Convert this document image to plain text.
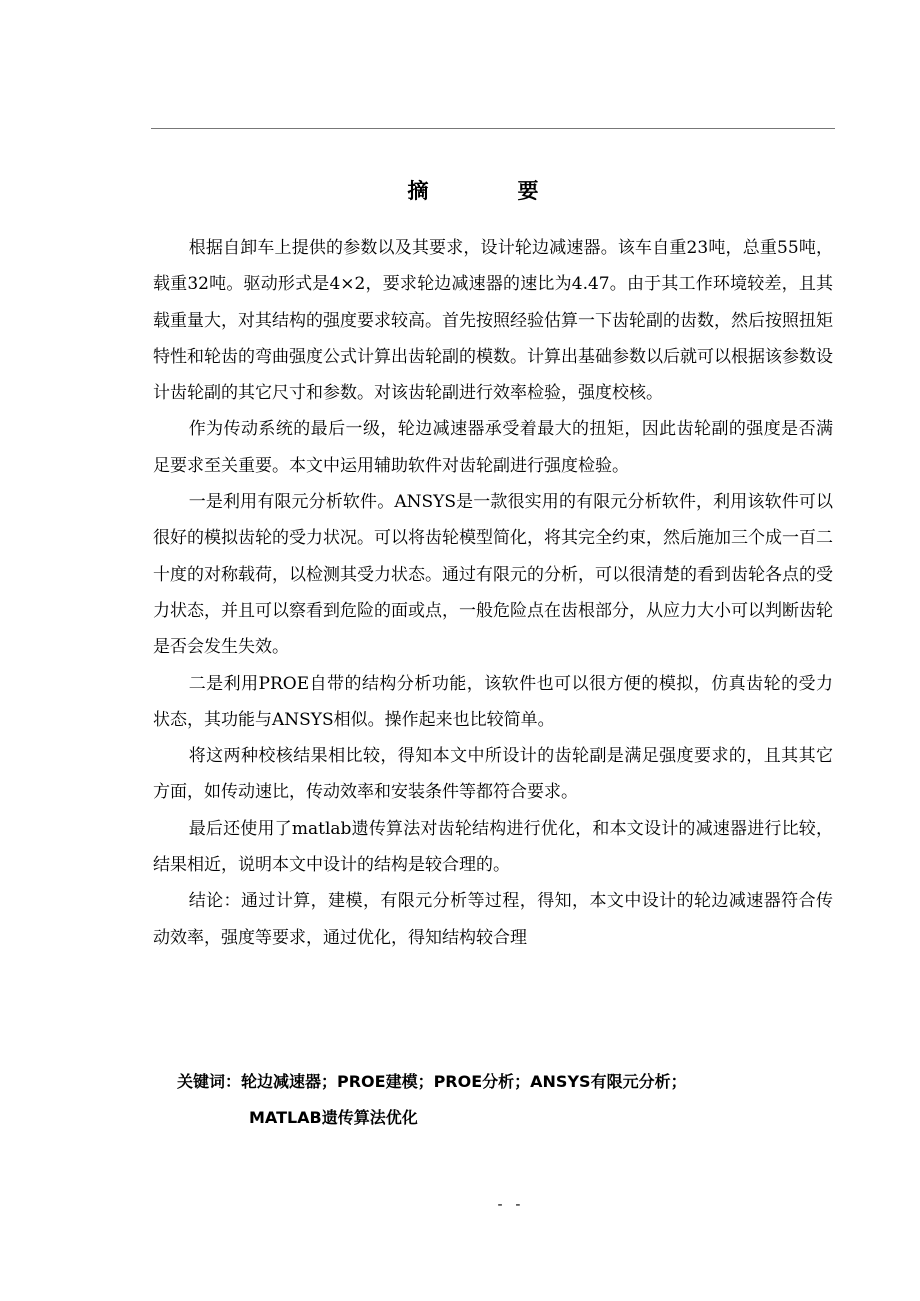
摘　要

根据自卸车上提供的参数以及其要求，设计轮边减速器。该车自重23吨，总重55吨，载重32吨。驱动形式是4×2，要求轮边减速器的速比为4.47。由于其工作环境较差，且其载重量大，对其结构的强度要求较高。首先按照经验估算一下齿轮副的齿数，然后按照扭矩特性和轮齿的弯曲强度公式计算出齿轮副的模数。计算出基础参数以后就可以根据该参数设计齿轮副的其它尺寸和参数。对该齿轮副进行效率检验，强度校核。

作为传动系统的最后一级，轮边减速器承受着最大的扭矩，因此齿轮副的强度是否满足要求至关重要。本文中运用辅助软件对齿轮副进行强度检验。

一是利用有限元分析软件。ANSYS是一款很实用的有限元分析软件，利用该软件可以很好的模拟齿轮的受力状况。可以将齿轮模型简化，将其完全约束，然后施加三个成一百二十度的对称载荷，以检测其受力状态。通过有限元的分析，可以很清楚的看到齿轮各点的受力状态，并且可以察看到危险的面或点，一般危险点在齿根部分，从应力大小可以判断齿轮是否会发生失效。

二是利用PROE自带的结构分析功能，该软件也可以很方便的模拟，仿真齿轮的受力状态，其功能与ANSYS相似。操作起来也比较简单。

将这两种校核结果相比较，得知本文中所设计的齿轮副是满足强度要求的，且其其它方面，如传动速比，传动效率和安装条件等都符合要求。

最后还使用了matlab遗传算法对齿轮结构进行优化，和本文设计的减速器进行比较，结果相近，说明本文中设计的结构是较合理的。

结论：通过计算，建模，有限元分析等过程，得知，本文中设计的轮边减速器符合传动效率，强度等要求，通过优化，得知结构较合理

关键词：轮边减速器；PROE建模；PROE分析；ANSYS有限元分析；
MATLAB遗传算法优化
- -
